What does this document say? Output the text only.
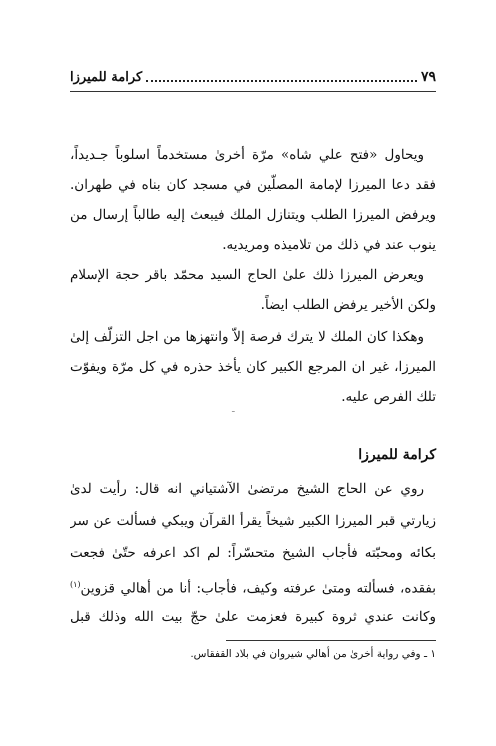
٧٩
كرامة للميرزا
ويحاول «فتح علي شاه» مرّة أخرىٰ مستخدماً اسلوباً جـديداً،
فقد دعا الميرزا لإمامة المصلّين في مسجد كان بناه في طهران.
ويرفض الميرزا الطلب ويتنازل الملك فيبعث إليه طالباً إرسال من
ينوب عند في ذلك من تلاميذه ومريديه.
ويعرض الميرزا ذلك علىٰ الحاج السيد محمّد باقر حجة الإسلام
ولكن الأخير يرفض الطلب ايضاً.
وهكذا كان الملك لا يترك فرصة إلاّ وانتهزها من اجل التزلّف إلىٰ
الميرزا، غير ان المرجع الكبير كان يأخذ حذره في كل مرّة ويفوّت
تلك الفرص عليه.
ـ
كرامة للميرزا
روي عن الحاج الشيخ مرتضىٰ الآشتياني انه قال: رأيت لدىٰ
زيارتي قبر الميرزا الكبير شيخاً يقرأ القرآن ويبكي فسألت عن سر
بكائه ومحبّته فأجاب الشيخ متحسّراً: لم اكد اعرفه حتّىٰ فجعت
بفقده، فسألته ومتىٰ عرفته وكيف، فأجاب: أنا من أهالي قزوين$^{(١)}$
وكانت عندي ثروة كبيرة فعزمت علىٰ حجّ بيت الله وذلك قبل
١ ـ وفي رواية أخرىٰ من أهالي شيروان في بلاد القفقاس.
